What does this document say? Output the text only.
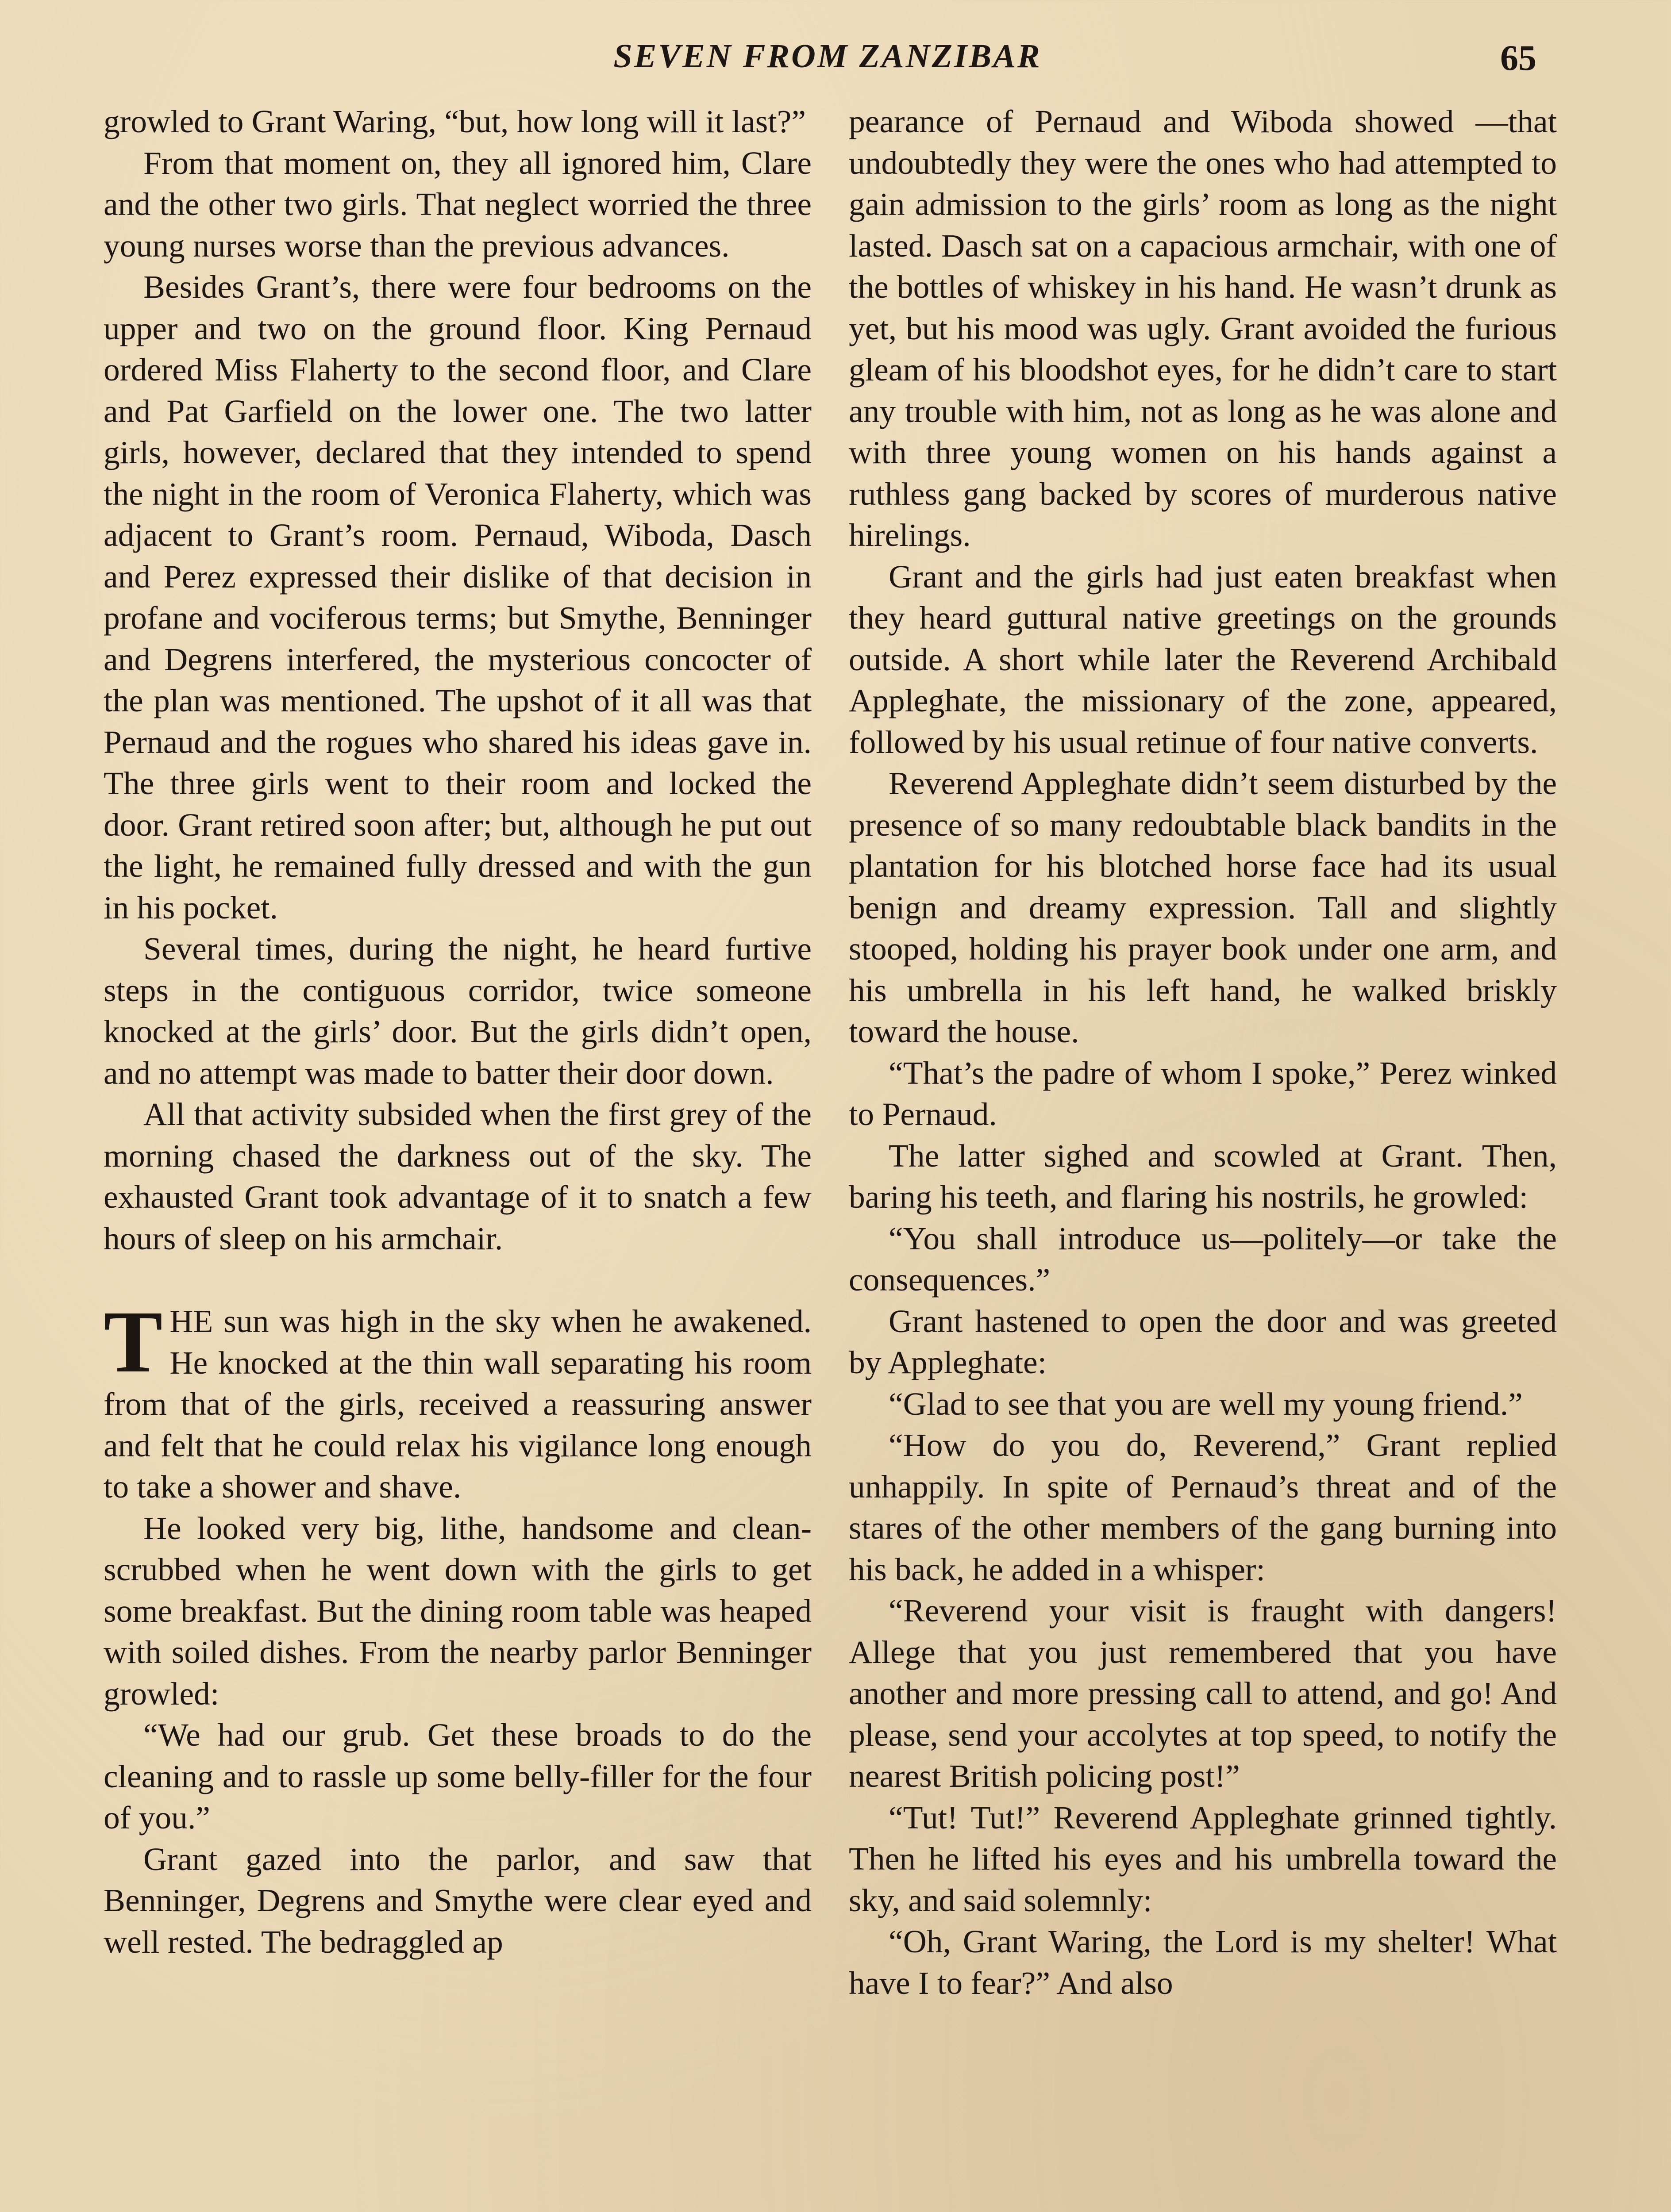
SEVEN FROM ZANZIBAR	65

growled to Grant Waring, “but, how long will it last?”

From that moment on, they all ignored him, Clare and the other two girls. That neglect worried the three young nurses worse than the previous advances.

Besides Grant’s, there were four bedrooms on the upper and two on the ground floor. King Pernaud ordered Miss Flaherty to the second floor, and Clare and Pat Garfield on the lower one. The two latter girls, however, declared that they intended to spend the night in the room of Veronica Flaherty, which was adjacent to Grant’s room. Pernaud, Wiboda, Dasch and Perez expressed their dislike of that decision in profane and vociferous terms; but Smythe, Benninger and Degrens interfered, the mysterious concocter of the plan was mentioned. The upshot of it all was that Pernaud and the rogues who shared his ideas gave in. The three girls went to their room and locked the door. Grant retired soon after; but, although he put out the light, he remained fully dressed and with the gun in his pocket.

Several times, during the night, he heard furtive steps in the contiguous corridor, twice someone knocked at the girls’ door. But the girls didn’t open, and no attempt was made to batter their door down.

All that activity subsided when the first grey of the morning chased the darkness out of the sky. The exhausted Grant took advantage of it to snatch a few hours of sleep on his armchair.

THE sun was high in the sky when he awakened. He knocked at the thin wall separating his room from that of the girls, received a reassuring answer and felt that he could relax his vigilance long enough to take a shower and shave.

He looked very big, lithe, handsome and clean-scrubbed when he went down with the girls to get some breakfast. But the dining room table was heaped with soiled dishes. From the nearby parlor Benninger growled:

“We had our grub. Get these broads to do the cleaning and to rassle up some belly-filler for the four of you.”

Grant gazed into the parlor, and saw that Benninger, Degrens and Smythe were clear eyed and well rested. The bedraggled ap

pearance of Pernaud and Wiboda showed —that undoubtedly they were the ones who had attempted to gain admission to the girls’ room as long as the night lasted. Dasch sat on a capacious armchair, with one of the bottles of whiskey in his hand. He wasn’t drunk as yet, but his mood was ugly. Grant avoided the furious gleam of his bloodshot eyes, for he didn’t care to start any trouble with him, not as long as he was alone and with three young women on his hands against a ruthless gang backed by scores of murderous native hirelings.

Grant and the girls had just eaten breakfast when they heard guttural native greetings on the grounds outside. A short while later the Reverend Archibald Appleghate, the missionary of the zone, appeared, followed by his usual retinue of four native converts.

Reverend Appleghate didn’t seem disturbed by the presence of so many redoubtable black bandits in the plantation for his blotched horse face had its usual benign and dreamy expression. Tall and slightly stooped, holding his prayer book under one arm, and his umbrella in his left hand, he walked briskly toward the house.

“That’s the padre of whom I spoke,” Perez winked to Pernaud.

The latter sighed and scowled at Grant. Then, baring his teeth, and flaring his nostrils, he growled:

“You shall introduce us—politely—or take the consequences.”

Grant hastened to open the door and was greeted by Appleghate:

“Glad to see that you are well my young friend.”

“How do you do, Reverend,” Grant replied unhappily. In spite of Pernaud’s threat and of the stares of the other members of the gang burning into his back, he added in a whisper:

“Reverend your visit is fraught with dangers! Allege that you just remembered that you have another and more pressing call to attend, and go! And please, send your accolytes at top speed, to notify the nearest British policing post!”

“Tut! Tut!” Reverend Appleghate grinned tightly. Then he lifted his eyes and his umbrella toward the sky, and said solemnly:

“Oh, Grant Waring, the Lord is my shelter! What have I to fear?” And also
